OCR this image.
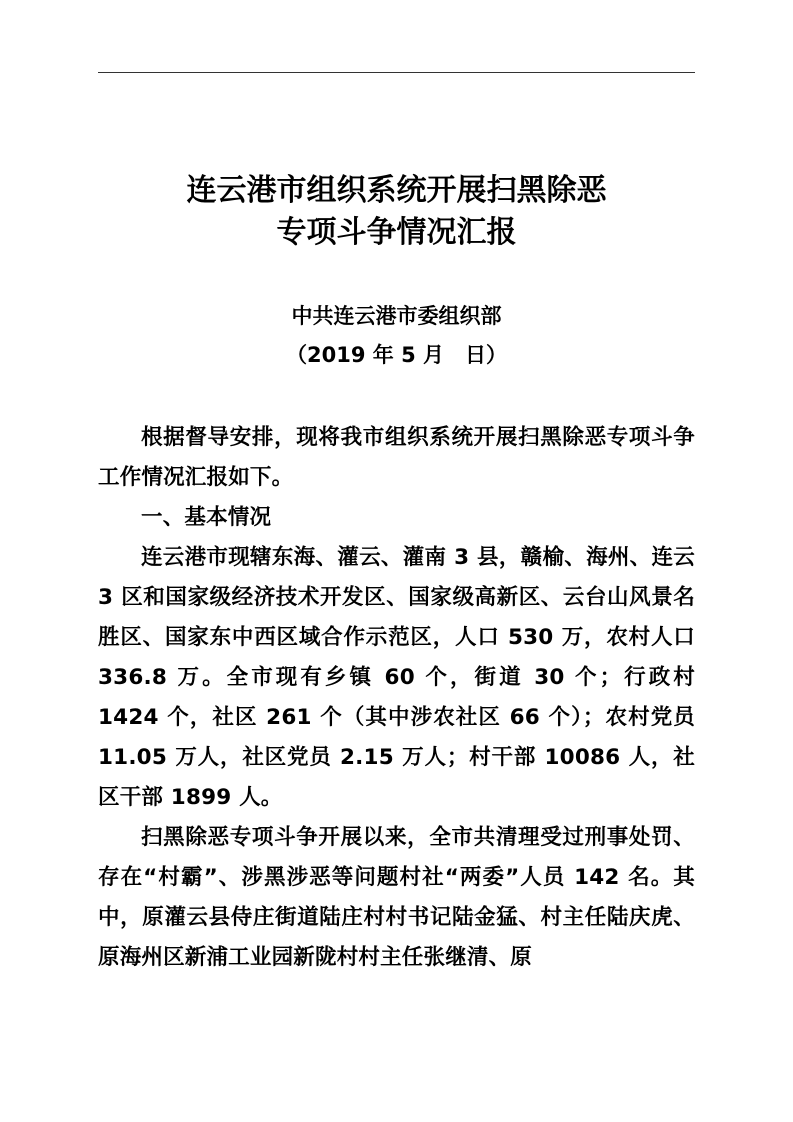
连云港市组织系统开展扫黑除恶
专项斗争情况汇报
中共连云港市委组织部
（2019 年 5 月　日）

根据督导安排，现将我市组织系统开展扫黑除恶专项斗争工作情况汇报如下。

一、基本情况

连云港市现辖东海、灌云、灌南 3 县，赣榆、海州、连云 3 区和国家级经济技术开发区、国家级高新区、云台山风景名胜区、国家东中西区域合作示范区，人口 530 万，农村人口 336.8 万。全市现有乡镇 60 个，街道 30 个；行政村 1424 个，社区 261 个（其中涉农社区 66 个）；农村党员 11.05 万人，社区党员 2.15 万人；村干部 10086 人，社区干部 1899 人。

扫黑除恶专项斗争开展以来，全市共清理受过刑事处罚、存在“村霸”、涉黑涉恶等问题村社“两委”人员 142 名。其中，原灌云县侍庄街道陆庄村村书记陆金猛、村主任陆庆虎、原海州区新浦工业园新陇村村主任张继清、原
